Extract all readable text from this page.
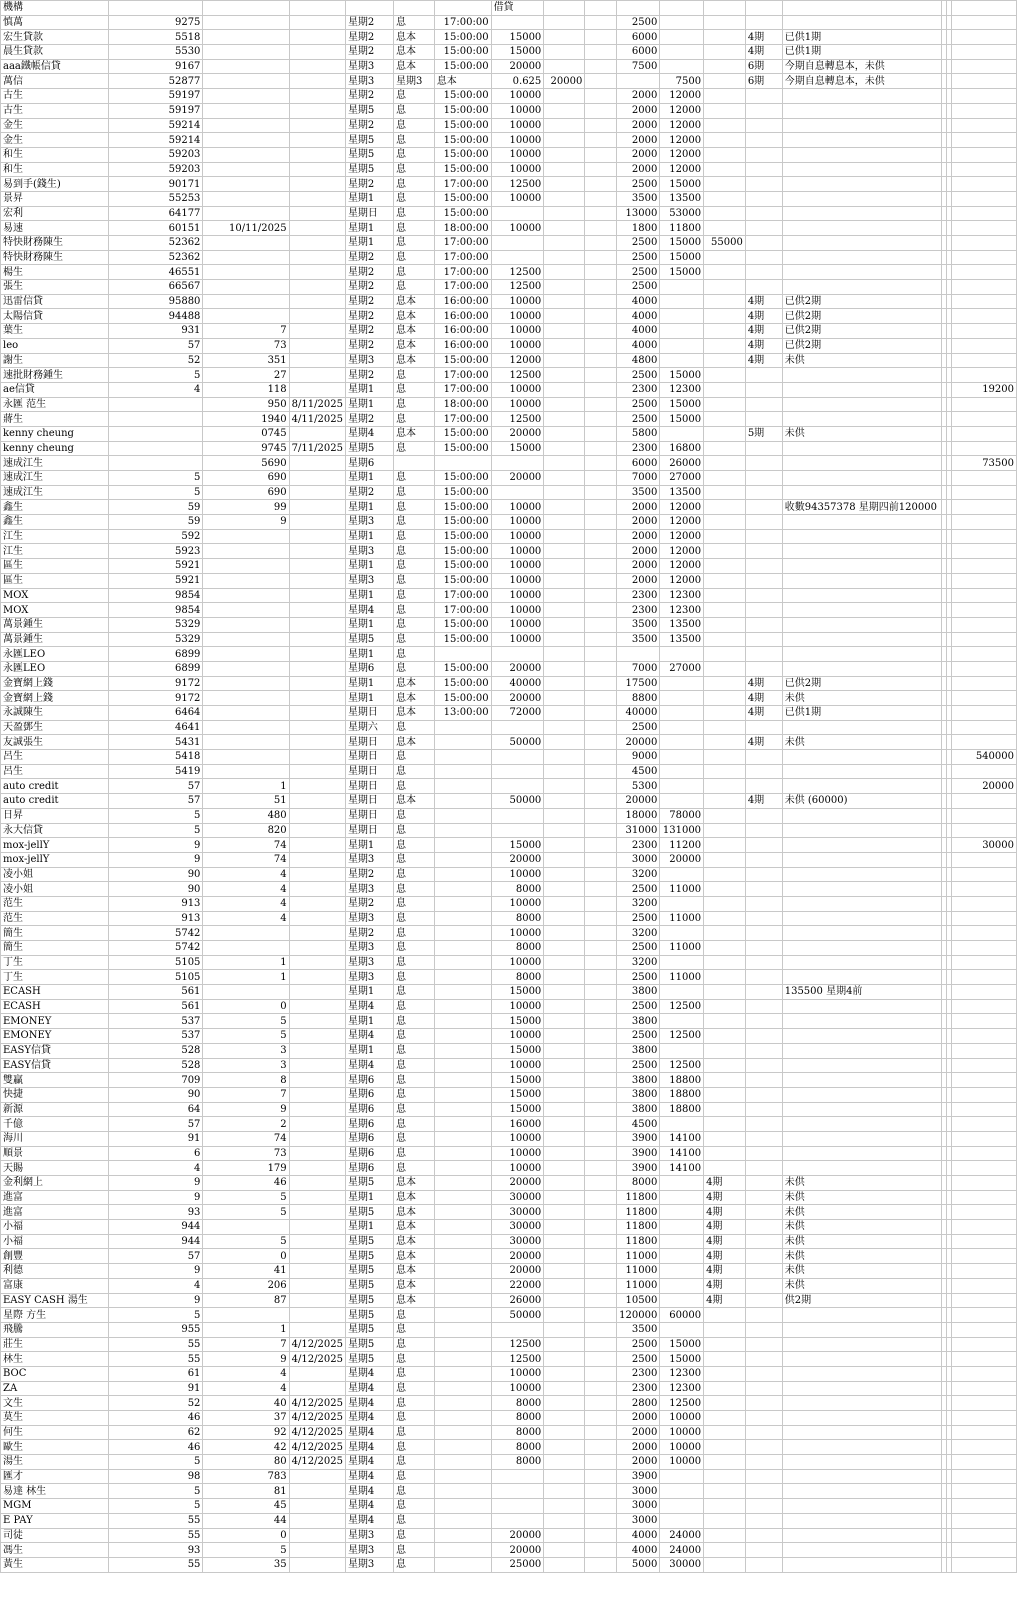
機構							借貸										
慎萬	9275			星期2	息	17:00:00				2500							
宏生貸款	5518			星期2	息本	15:00:00	15000			6000			4期	已供1期			
晨生貸款	5530			星期2	息本	15:00:00	15000			6000			4期	已供1期			
aaa鐵帳信貸	9167			星期3	息本	15:00:00	20000			7500			6期	今期自息轉息本，未供			
萬信	52877			星期3	星期3	息本	0.625	20000			7500		6期	今期自息轉息本，未供			
古生	59197			星期2	息	15:00:00	10000			2000	12000						
古生	59197			星期5	息	15:00:00	10000			2000	12000						
金生	59214			星期2	息	15:00:00	10000			2000	12000						
金生	59214			星期5	息	15:00:00	10000			2000	12000						
和生	59203			星期5	息	15:00:00	10000			2000	12000						
和生	59203			星期5	息	15:00:00	10000			2000	12000						
易到手(錢生)	90171			星期2	息	17:00:00	12500			2500	15000						
景昇	55253			星期1	息	15:00:00	10000			3500	13500						
宏利	64177			星期日	息	15:00:00				13000	53000						
易速	60151	10/11/2025		星期1	息	18:00:00	10000			1800	11800						
特快財務陳生	52362			星期1	息	17:00:00				2500	15000	55000					
特快財務陳生	52362			星期2	息	17:00:00				2500	15000						
楊生	46551			星期2	息	17:00:00	12500			2500	15000						
張生	66567			星期2	息	17:00:00	12500			2500							
迅雷信貸	95880			星期2	息本	16:00:00	10000			4000			4期	已供2期			
太陽信貸	94488			星期2	息本	16:00:00	10000			4000			4期	已供2期			
葉生	931	7		星期2	息本	16:00:00	10000			4000			4期	已供2期			
leo	57	73		星期2	息本	16:00:00	10000			4000			4期	已供2期			
謝生	52	351		星期3	息本	15:00:00	12000			4800			4期	未供			
速批財務鍾生	5	27		星期2	息	17:00:00	12500			2500	15000						
ae信貸	4	118		星期1	息	17:00:00	10000			2300	12300						19200
永匯 范生		950	8/11/2025	星期1	息	18:00:00	10000			2500	15000						
蔣生		1940	4/11/2025	星期2	息	17:00:00	12500			2500	15000						
kenny cheung		0745		星期4	息本	15:00:00	20000			5800			5期	未供			
kenny cheung		9745	7/11/2025	星期5	息	15:00:00	15000			2300	16800						
速成江生		5690		星期6						6000	26000						73500
速成江生	5	690		星期1	息	15:00:00	20000			7000	27000						
速成江生	5	690		星期2	息	15:00:00				3500	13500						
鑫生	59	99		星期1	息	15:00:00	10000			2000	12000			收數94357378 星期四前120000			
鑫生	59	9		星期3	息	15:00:00	10000			2000	12000						
江生	592			星期1	息	15:00:00	10000			2000	12000						
江生	5923			星期3	息	15:00:00	10000			2000	12000						
區生	5921			星期1	息	15:00:00	10000			2000	12000						
區生	5921			星期3	息	15:00:00	10000			2000	12000						
MOX	9854			星期1	息	17:00:00	10000			2300	12300						
MOX	9854			星期4	息	17:00:00	10000			2300	12300						
萬景鍾生	5329			星期1	息	15:00:00	10000			3500	13500						
萬景鍾生	5329			星期5	息	15:00:00	10000			3500	13500						
永匯LEO	6899			星期1	息												
永匯LEO	6899			星期6	息	15:00:00	20000			7000	27000						
金寶網上錢	9172			星期1	息本	15:00:00	40000			17500			4期	已供2期			
金寶網上錢	9172			星期1	息本	15:00:00	20000			8800			4期	未供			
永誠陳生	6464			星期日	息本	13:00:00	72000			40000			4期	已供1期			
天盈鄧生	4641			星期六	息					2500							
友誠張生	5431			星期日	息本		50000			20000			4期	未供			
呂生	5418			星期日	息					9000							540000
呂生	5419			星期日	息					4500							
auto credit	57	1		星期日	息					5300							20000
auto credit	57	51		星期日	息本		50000			20000			4期	未供 (60000)			
日昇	5	480		星期日	息					18000	78000						
永大信貸	5	820		星期日	息					31000	131000						
mox-jellY	9	74		星期1	息		15000			2300	11200						30000
mox-jellY	9	74		星期3	息		20000			3000	20000						
凌小姐	90	4		星期2	息		10000			3200							
凌小姐	90	4		星期3	息		8000			2500	11000						
范生	913	4		星期2	息		10000			3200							
范生	913	4		星期3	息		8000			2500	11000						
簡生	5742			星期2	息		10000			3200							
簡生	5742			星期3	息		8000			2500	11000						
丁生	5105	1		星期3	息		10000			3200							
丁生	5105	1		星期3	息		8000			2500	11000						
ECASH	561			星期1	息		15000			3800				135500 星期4前			
ECASH	561	0		星期4	息		10000			2500	12500						
EMONEY	537	5		星期1	息		15000			3800							
EMONEY	537	5		星期4	息		10000			2500	12500						
EASY信貸	528	3		星期1	息		15000			3800							
EASY信貸	528	3		星期4	息		10000			2500	12500						
雙贏	709	8		星期6	息		15000			3800	18800						
快捷	90	7		星期6	息		15000			3800	18800						
新源	64	9		星期6	息		15000			3800	18800						
千億	57	2		星期6	息		16000			4500							
海川	91	74		星期6	息		10000			3900	14100						
順景	6	73		星期6	息		10000			3900	14100						
天賜	4	179		星期6	息		10000			3900	14100						
金利網上	9	46		星期5	息本		20000			8000		4期		未供			
進富	9	5		星期1	息本		30000			11800		4期		未供			
進富	93	5		星期5	息本		30000			11800		4期		未供			
小福	944			星期1	息本		30000			11800		4期		未供			
小福	944	5		星期5	息本		30000			11800		4期		未供			
創豐	57	0		星期5	息本		20000			11000		4期		未供			
利德	9	41		星期5	息本		20000			11000		4期		未供			
富康	4	206		星期5	息本		22000			11000		4期		未供			
EASY CASH 湯生	9	87		星期5	息本		26000			10500		4期		供2期			
星際 方生	5			星期5	息		50000			120000	60000						
飛騰	955	1		星期5	息					3500							
莊生	55	7	4/12/2025	星期5	息		12500			2500	15000						
林生	55	9	4/12/2025	星期5	息		12500			2500	15000						
BOC	61	4		星期4	息		10000			2300	12300						
ZA	91	4		星期4	息		10000			2300	12300						
文生	52	40	4/12/2025	星期4	息		8000			2800	12500						
莫生	46	37	4/12/2025	星期4	息		8000			2000	10000						
何生	62	92	4/12/2025	星期4	息		8000			2000	10000						
歐生	46	42	4/12/2025	星期4	息		8000			2000	10000						
湯生	5	80	4/12/2025	星期4	息		8000			2000	10000						
匯才	98	783		星期4	息					3900							
易達 林生	5	81		星期4	息					3000							
MGM	5	45		星期4	息					3000							
E PAY	55	44		星期4	息					3000							
司徒	55	0		星期3	息		20000			4000	24000						
馮生	93	5		星期3	息		20000			4000	24000						
黃生	55	35		星期3	息		25000			5000	30000						
